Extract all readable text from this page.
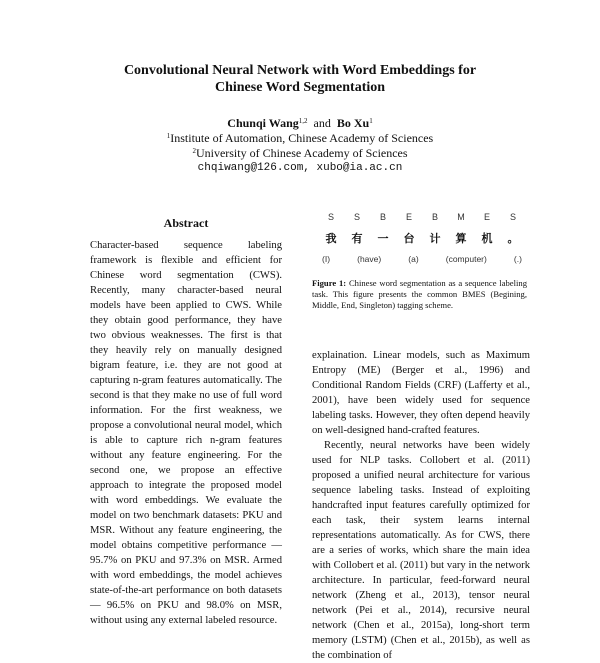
Convolutional Neural Network with Word Embeddings for
Chinese Word Segmentation
Chunqi Wang$^{1,2}$ and Bo Xu$^1$
$^1$Institute of Automation, Chinese Academy of Sciences
$^2$University of Chinese Academy of Sciences
chqiwang@126.com, xubo@ia.ac.cn
Abstract
Character-based sequence labeling framework is flexible and efficient for Chinese word segmentation (CWS). Recently, many character-based neural models have been applied to CWS. While they obtain good performance, they have two obvious weaknesses. The first is that they heavily rely on manually designed bigram feature, i.e. they are not good at capturing n-gram features automatically. The second is that they make no use of full word information. For the first weakness, we propose a convolutional neural model, which is able to capture rich n-gram features without any feature engineering. For the second one, we propose an effective approach to integrate the proposed model with word embeddings. We evaluate the model on two benchmark datasets: PKU and MSR. Without any feature engineering, the model obtains competitive performance — 95.7% on PKU and 97.3% on MSR. Armed with word embeddings, the model achieves state-of-the-art performance on both datasets — 96.5% on PKU and 98.0% on MSR, without using any external labeled resource.
S	S	B	E	B	M	E	S
我	有	一	台	计	算	机	。
(I)	(have)	(a)	(computer)	(.)
Figure 1: Chinese word segmentation as a sequence labeling task. This figure presents the common BMES (Begining, Middle, End, Singleton) tagging scheme.

explaination. Linear models, such as Maximum Entropy (ME) (Berger et al., 1996) and Conditional Random Fields (CRF) (Lafferty et al., 2001), have been widely used for sequence labeling tasks. However, they often depend heavily on well-designed hand-crafted features.

Recently, neural networks have been widely used for NLP tasks. Collobert et al. (2011) proposed a unified neural architecture for various sequence labeling tasks. Instead of exploiting handcrafted input features carefully optimized for each task, their system learns internal representations automatically. As for CWS, there are a series of works, which share the main idea with Collobert et al. (2011) but vary in the network architecture. In particular, feed-forward neural network (Zheng et al., 2013), tensor neural network (Pei et al., 2014), recursive neural network (Chen et al., 2015a), long-short term memory (LSTM) (Chen et al., 2015b), as well as the combination of
